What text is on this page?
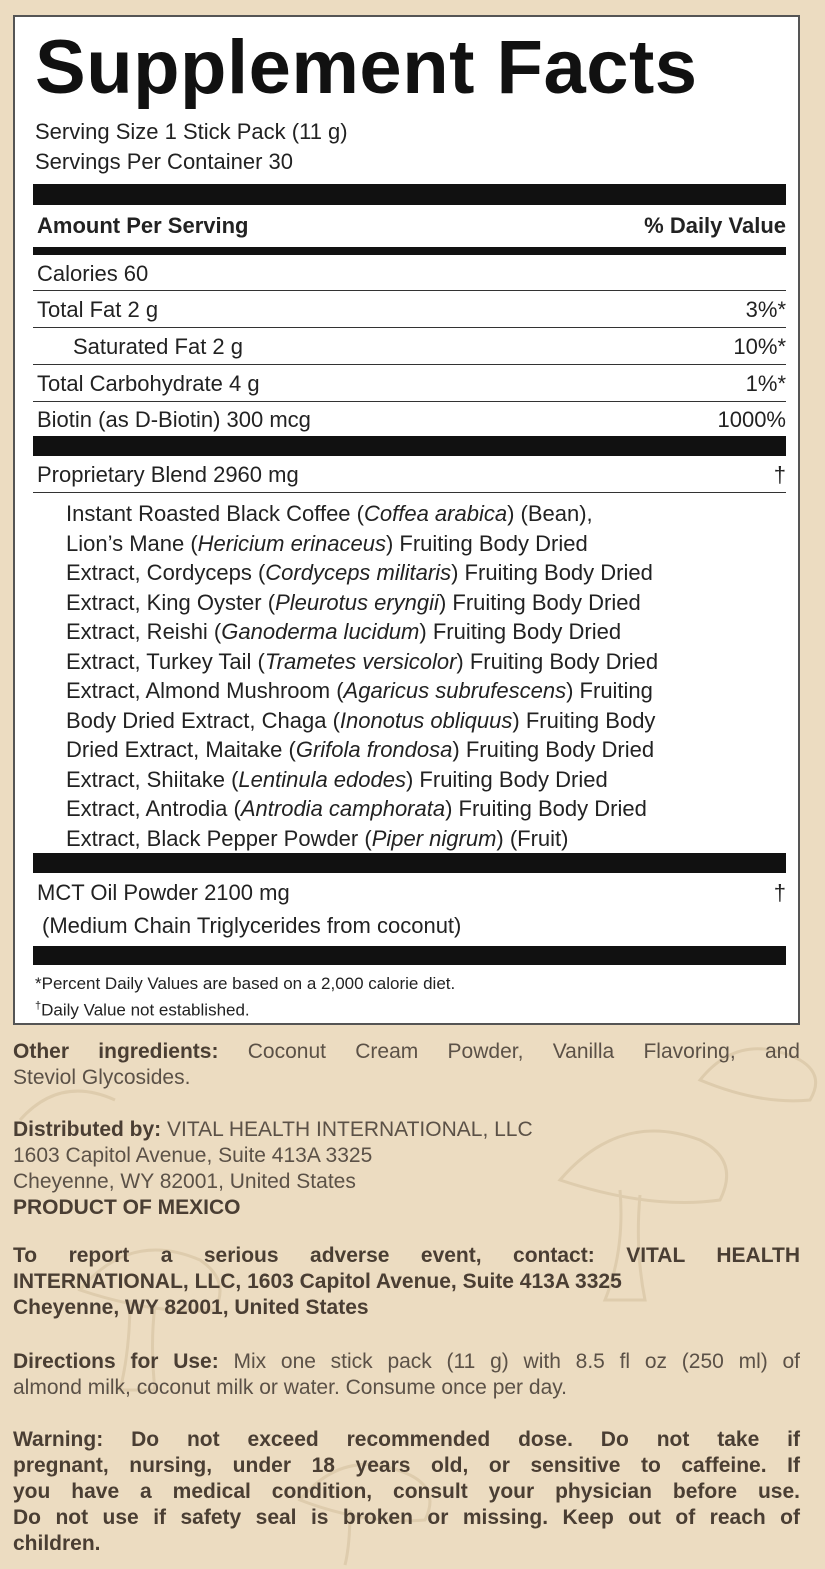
Supplement Facts
Serving Size 1 Stick Pack (11 g)
Servings Per Container 30
Amount Per Serving	% Daily Value
Calories 60
Total Fat 2 g	3%*
Saturated Fat 2 g	10%*
Total Carbohydrate 4 g	1%*
Biotin (as D-Biotin) 300 mcg	1000%
Proprietary Blend 2960 mg	†
Instant Roasted Black Coffee (Coffea arabica) (Bean),
Lion’s Mane (Hericium erinaceus) Fruiting Body Dried
Extract, Cordyceps (Cordyceps militaris) Fruiting Body Dried
Extract, King Oyster (Pleurotus eryngii) Fruiting Body Dried
Extract, Reishi (Ganoderma lucidum) Fruiting Body Dried
Extract, Turkey Tail (Trametes versicolor) Fruiting Body Dried
Extract, Almond Mushroom (Agaricus subrufescens) Fruiting
Body Dried Extract, Chaga (Inonotus obliquus) Fruiting Body
Dried Extract, Maitake (Grifola frondosa) Fruiting Body Dried
Extract, Shiitake (Lentinula edodes) Fruiting Body Dried
Extract, Antrodia (Antrodia camphorata) Fruiting Body Dried
Extract, Black Pepper Powder (Piper nigrum) (Fruit)
MCT Oil Powder 2100 mg	†
(Medium Chain Triglycerides from coconut)
*Percent Daily Values are based on a 2,000 calorie diet.
†Daily Value not established.
Other ingredients: Coconut Cream Powder, Vanilla Flavoring, and
Steviol Glycosides.
Distributed by: VITAL HEALTH INTERNATIONAL, LLC
1603 Capitol Avenue, Suite 413A 3325
Cheyenne, WY 82001, United States
PRODUCT OF MEXICO
To report a serious adverse event, contact: VITAL HEALTH
INTERNATIONAL, LLC, 1603 Capitol Avenue, Suite 413A 3325
Cheyenne, WY 82001, United States
Directions for Use: Mix one stick pack (11 g) with 8.5 fl oz (250 ml) of
almond milk, coconut milk or water. Consume once per day.
Warning: Do not exceed recommended dose. Do not take if
pregnant, nursing, under 18 years old, or sensitive to caffeine. If
you have a medical condition, consult your physician before use.
Do not use if safety seal is broken or missing. Keep out of reach of
children.
